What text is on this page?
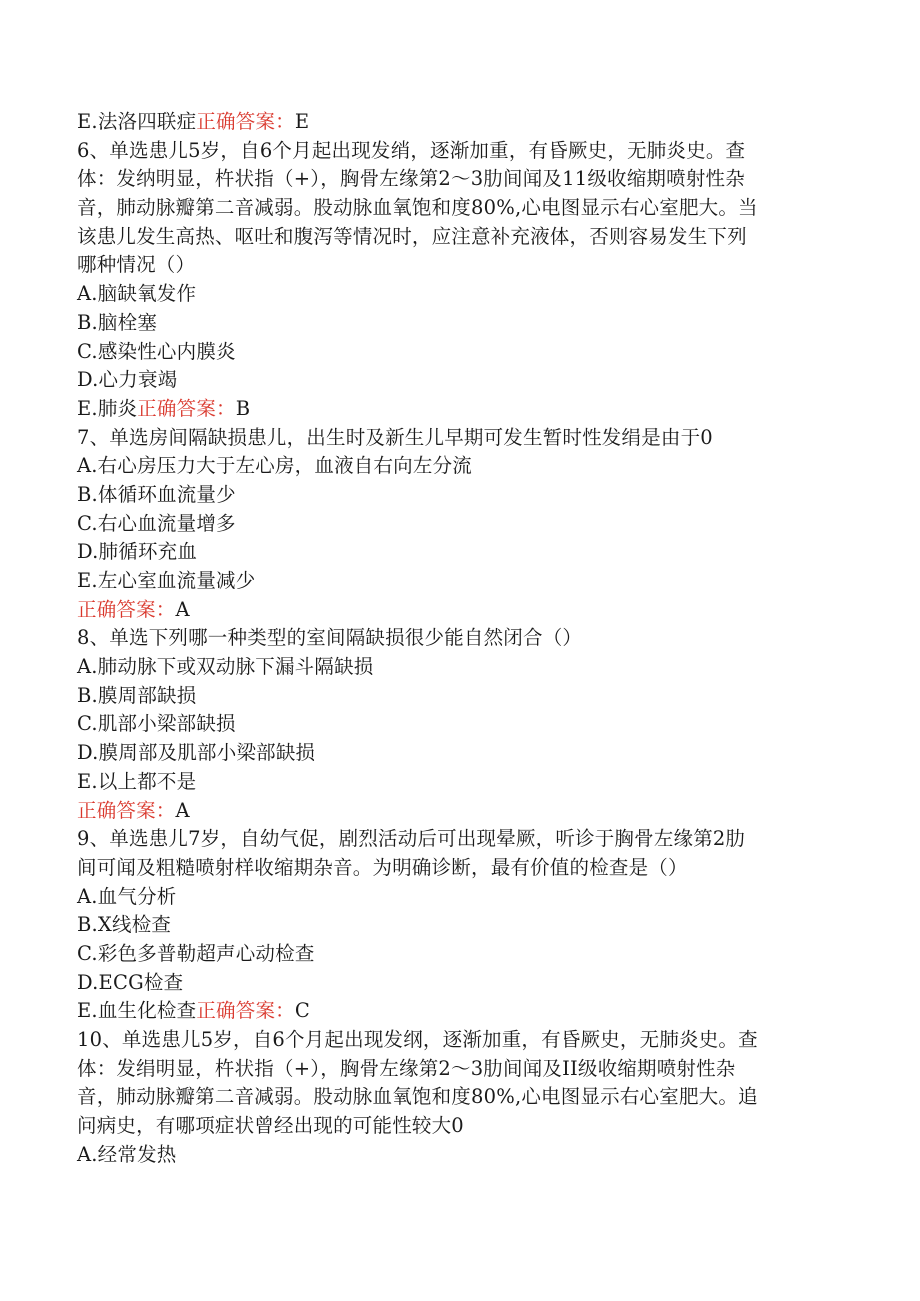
E.法洛四联症正确答案：E
6、单选患儿5岁，自6个月起出现发绡，逐渐加重，有昏厥史，无肺炎史。查
体：发纳明显，杵状指（+），胸骨左缘第2～3肋间闻及11级收缩期喷射性杂
音，肺动脉瓣第二音减弱。股动脉血氧饱和度80%,心电图显示右心室肥大。当
该患儿发生高热、呕吐和腹泻等情况时，应注意补充液体，否则容易发生下列
哪种情况（）
A.脑缺氧发作
B.脑栓塞
C.感染性心内膜炎
D.心力衰竭
E.肺炎正确答案：B
7、单选房间隔缺损患儿，出生时及新生儿早期可发生暂时性发绢是由于0
A.右心房压力大于左心房，血液自右向左分流
B.体循环血流量少
C.右心血流量增多
D.肺循环充血
E.左心室血流量减少
正确答案：A
8、单选下列哪一种类型的室间隔缺损很少能自然闭合（）
A.肺动脉下或双动脉下漏斗隔缺损
B.膜周部缺损
C.肌部小梁部缺损
D.膜周部及肌部小梁部缺损
E.以上都不是
正确答案：A
9、单选患儿7岁，自幼气促，剧烈活动后可出现晕厥，听诊于胸骨左缘第2肋
间可闻及粗糙喷射样收缩期杂音。为明确诊断，最有价值的检查是（）
A.血气分析
B.X线检查
C.彩色多普勒超声心动检查
D.ECG检查
E.血生化检查正确答案：C
10、单选患儿5岁，自6个月起出现发纲，逐渐加重，有昏厥史，无肺炎史。查
体：发绢明显，杵状指（+），胸骨左缘第2～3肋间闻及II级收缩期喷射性杂
音，肺动脉瓣第二音减弱。股动脉血氧饱和度80%,心电图显示右心室肥大。追
问病史，有哪项症状曾经出现的可能性较大0
A.经常发热
